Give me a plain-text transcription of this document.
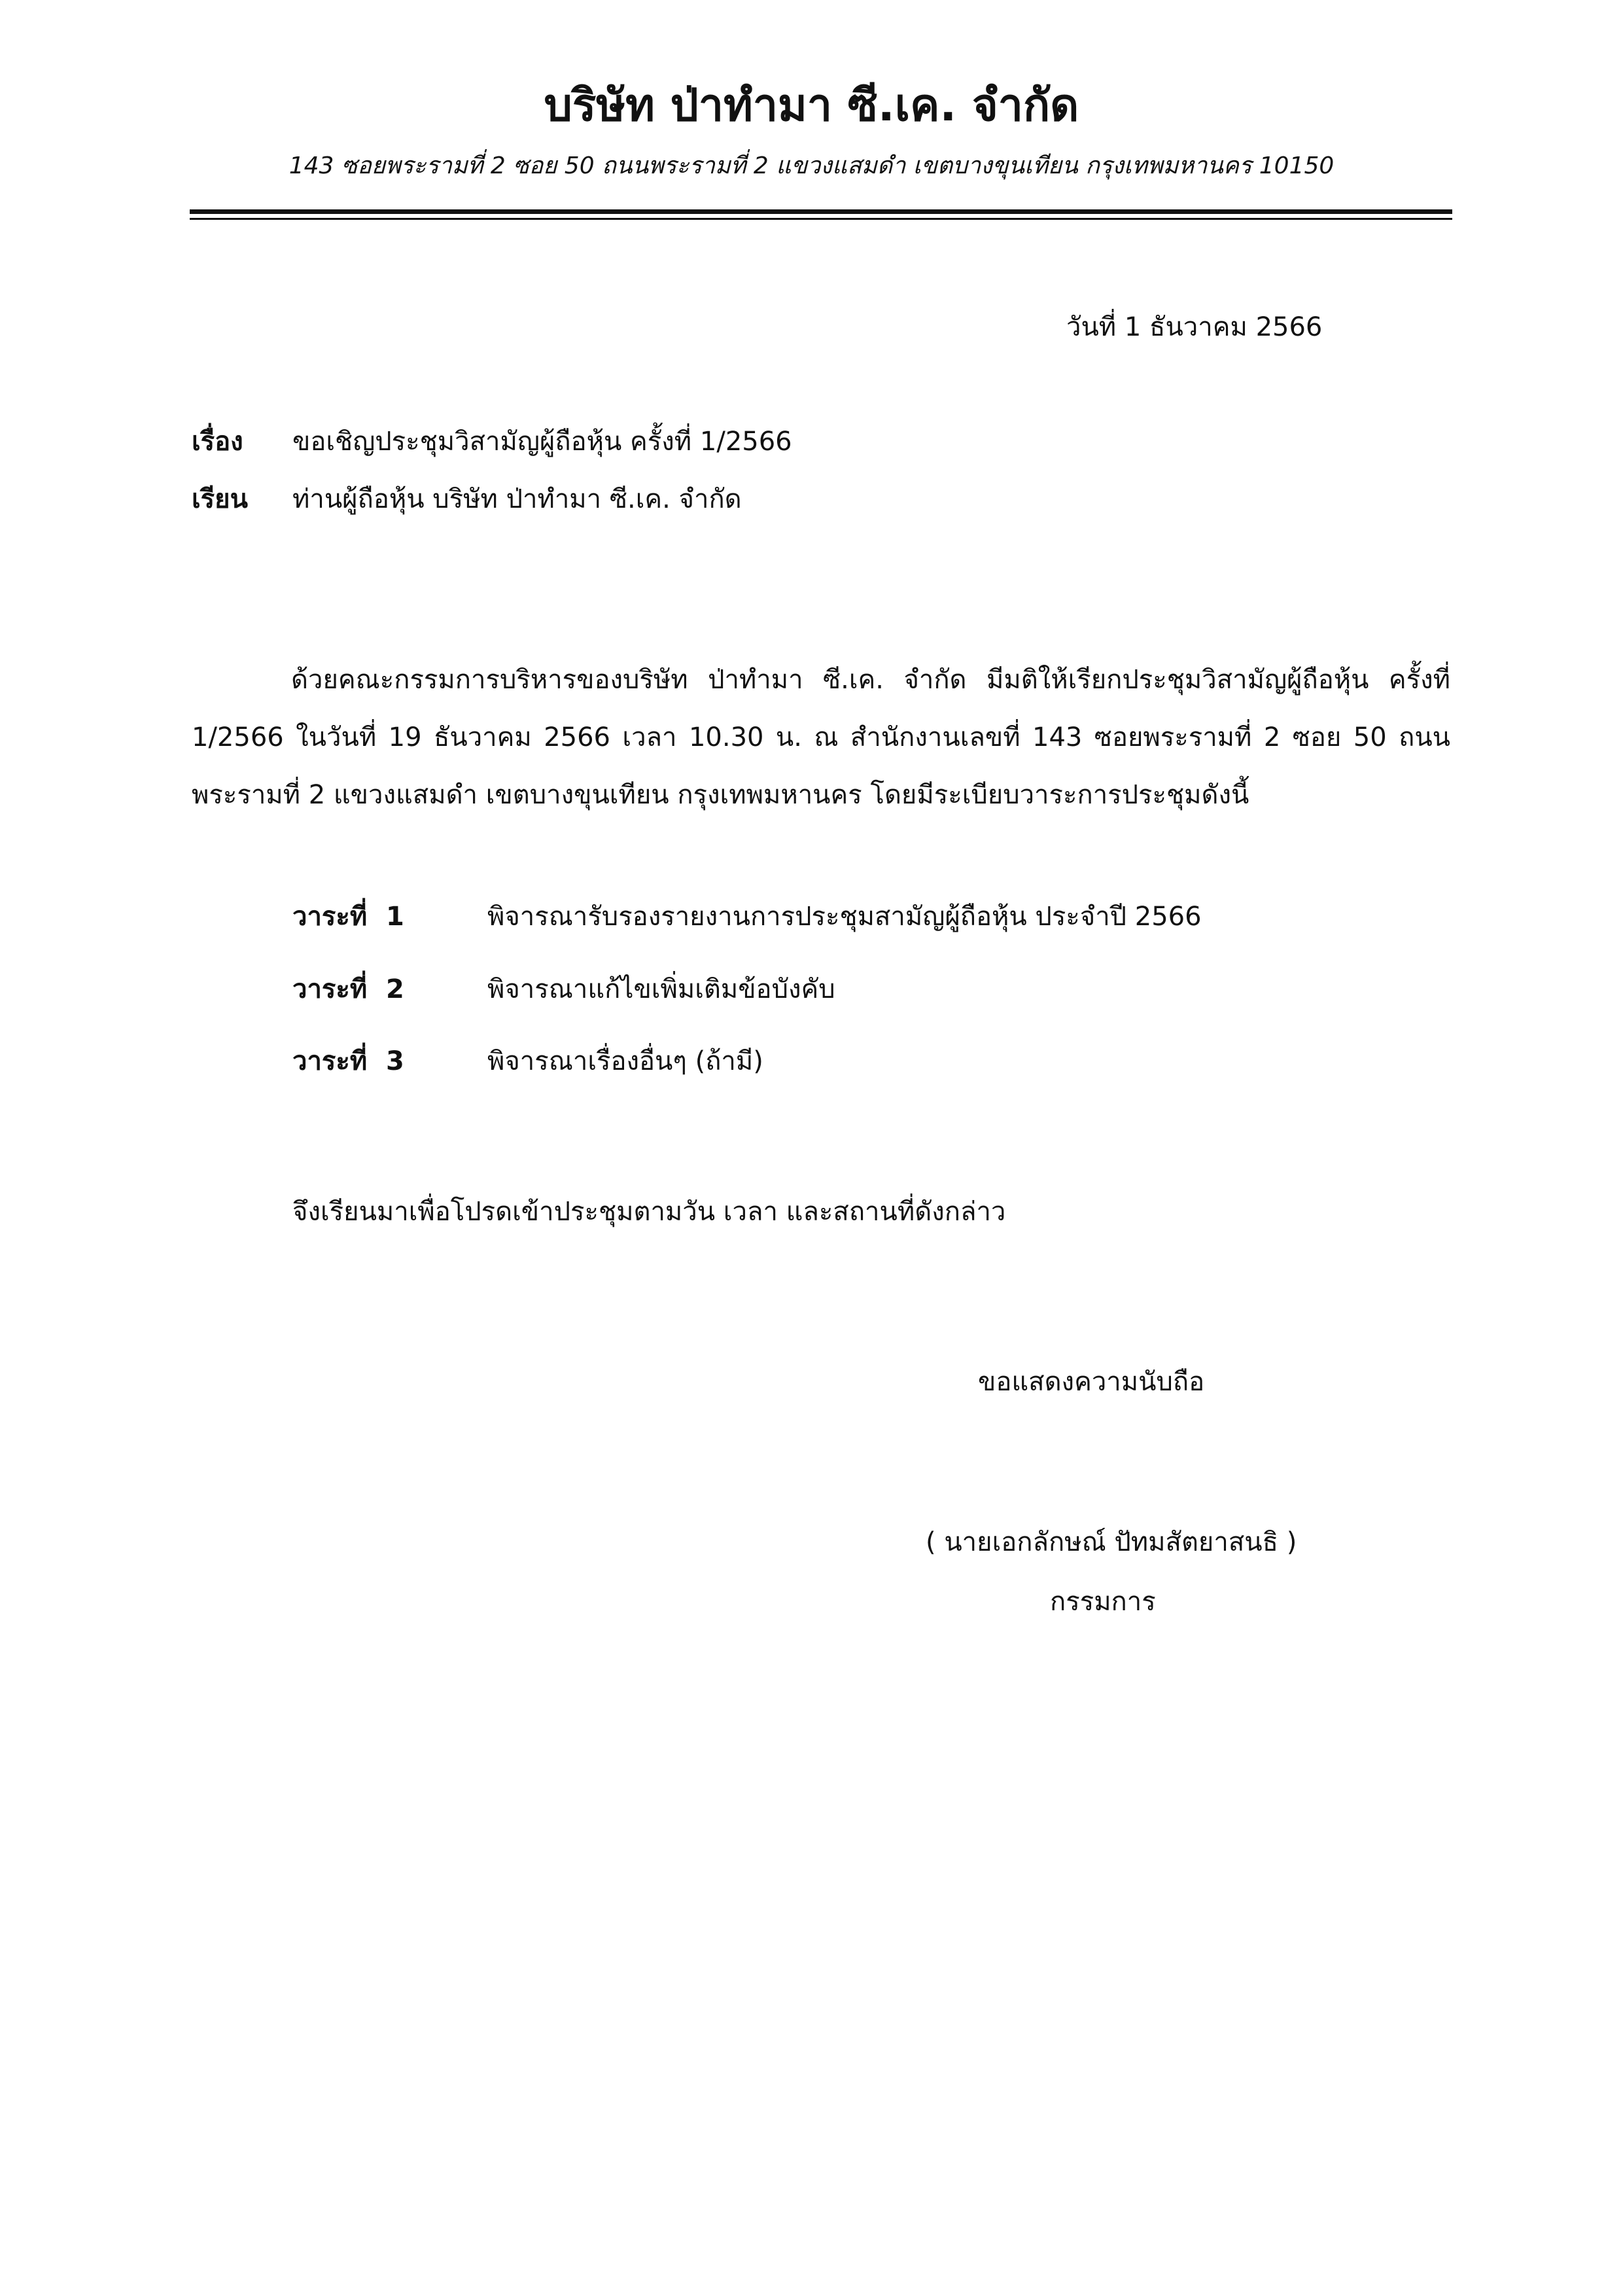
บริษัท ป่าทำมา ซี.เค. จำกัด
143 ซอยพระรามที่ 2 ซอย 50 ถนนพระรามที่ 2 แขวงแสมดำ เขตบางขุนเทียน กรุงเทพมหานคร 10150
วันที่ 1 ธันวาคม 2566
เรื่อง ขอเชิญประชุมวิสามัญผู้ถือหุ้น ครั้งที่ 1/2566
เรียน ท่านผู้ถือหุ้น บริษัท ป่าทำมา ซี.เค. จำกัด
ด้วยคณะกรรมการบริหารของบริษัท ป่าทำมา ซี.เค. จำกัด มีมติให้เรียกประชุมวิสามัญผู้ถือหุ้น ครั้งที่ 1/2566 ในวันที่ 19 ธันวาคม 2566 เวลา 10.30 น. ณ สำนักงานเลขที่ 143 ซอยพระรามที่ 2 ซอย 50 ถนนพระรามที่ 2 แขวงแสมดำ เขตบางขุนเทียน กรุงเทพมหานคร โดยมีระเบียบวาระการประชุมดังนี้
วาระที่ 1	พิจารณารับรองรายงานการประชุมสามัญผู้ถือหุ้น ประจำปี 2566
วาระที่ 2	พิจารณาแก้ไขเพิ่มเติมข้อบังคับ
วาระที่ 3	พิจารณาเรื่องอื่นๆ (ถ้ามี)
จึงเรียนมาเพื่อโปรดเข้าประชุมตามวัน เวลา และสถานที่ดังกล่าว
ขอแสดงความนับถือ
( นายเอกลักษณ์ ปัทมสัตยาสนธิ )
กรรมการ
